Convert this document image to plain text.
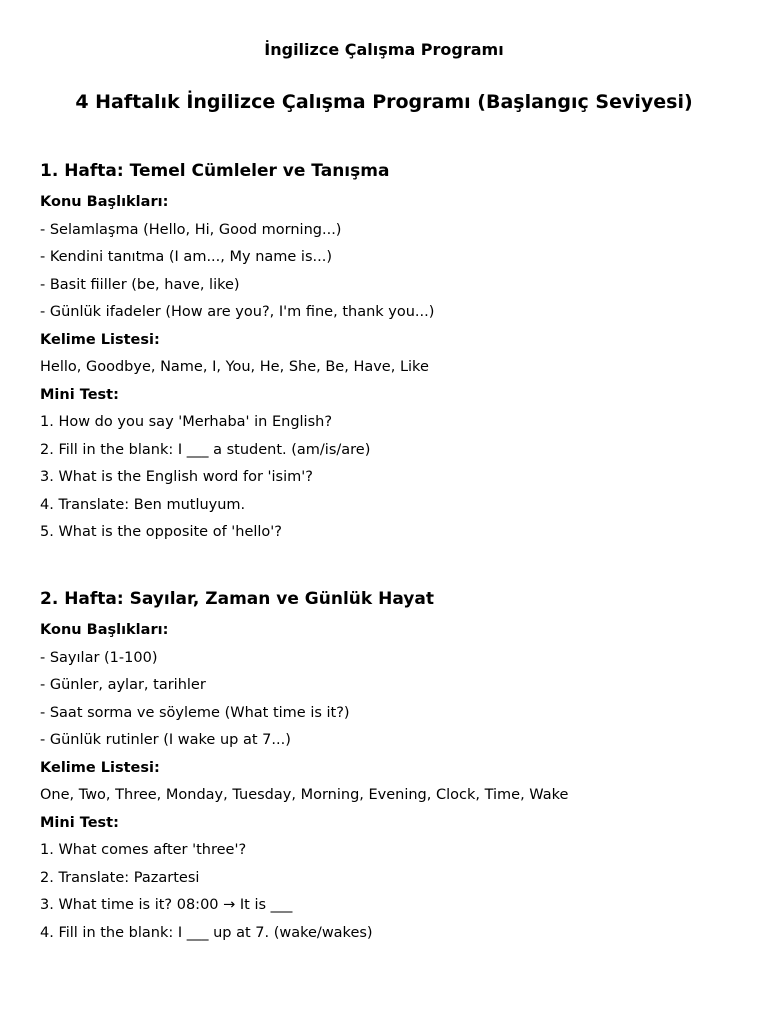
İngilizce Çalışma Programı
4 Haftalık İngilizce Çalışma Programı (Başlangıç Seviyesi)
1. Hafta: Temel Cümleler ve Tanışma
Konu Başlıkları:
- Selamlaşma (Hello, Hi, Good morning...)
- Kendini tanıtma (I am..., My name is...)
- Basit fiiller (be, have, like)
- Günlük ifadeler (How are you?, I'm fine, thank you...)
Kelime Listesi:
Hello, Goodbye, Name, I, You, He, She, Be, Have, Like
Mini Test:
1. How do you say 'Merhaba' in English?
2. Fill in the blank: I ___ a student. (am/is/are)
3. What is the English word for 'isim'?
4. Translate: Ben mutluyum.
5. What is the opposite of 'hello'?
2. Hafta: Sayılar, Zaman ve Günlük Hayat
Konu Başlıkları:
- Sayılar (1-100)
- Günler, aylar, tarihler
- Saat sorma ve söyleme (What time is it?)
- Günlük rutinler (I wake up at 7...)
Kelime Listesi:
One, Two, Three, Monday, Tuesday, Morning, Evening, Clock, Time, Wake
Mini Test:
1. What comes after 'three'?
2. Translate: Pazartesi
3. What time is it? 08:00 → It is ___
4. Fill in the blank: I ___ up at 7. (wake/wakes)
